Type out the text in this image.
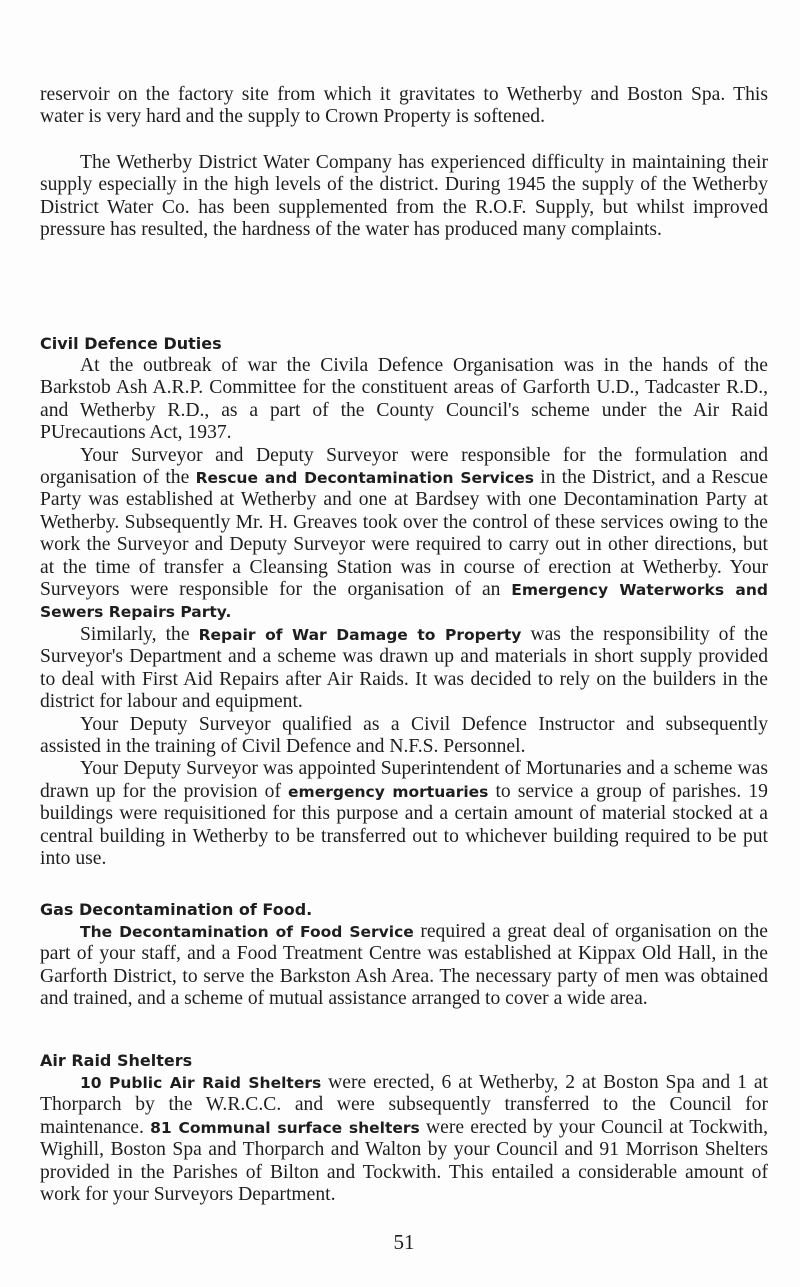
reservoir on the factory site from which it gravitates to Wetherby and Boston Spa. This water is very hard and the supply to Crown Property is softened.

The Wetherby District Water Company has experienced difficulty in maintaining their supply especially in the high levels of the district. During 1945 the supply of the Wetherby District Water Co. has been supplemented from the R.O.F. Supply, but whilst improved pressure has resulted, the hardness of the water has produced many complaints.

Civil Defence Duties

At the outbreak of war the Civila Defence Organisation was in the hands of the Barkstob Ash A.R.P. Committee for the constituent areas of Garforth U.D., Tadcaster R.D., and Wetherby R.D., as a part of the County Council's scheme under the Air Raid PUrecautions Act, 1937.

Your Surveyor and Deputy Surveyor were responsible for the formulation and organisation of the Rescue and Decontamination Services in the District, and a Rescue Party was established at Wetherby and one at Bardsey with one Decontamination Party at Wetherby. Subsequently Mr. H. Greaves took over the control of these services owing to the work the Surveyor and Deputy Surveyor were required to carry out in other directions, but at the time of transfer a Cleansing Station was in course of erection at Wetherby. Your Surveyors were responsible for the organisation of an Emergency Waterworks and Sewers Repairs Party.

Similarly, the Repair of War Damage to Property was the responsibility of the Surveyor's Department and a scheme was drawn up and materials in short supply provided to deal with First Aid Repairs after Air Raids. It was decided to rely on the builders in the district for labour and equipment.

Your Deputy Surveyor qualified as a Civil Defence Instructor and subsequently assisted in the training of Civil Defence and N.F.S. Personnel.

Your Deputy Surveyor was appointed Superintendent of Mortunaries and a scheme was drawn up for the provision of emergency mortuaries to service a group of parishes. 19 buildings were requisitioned for this purpose and a certain amount of material stocked at a central building in Wetherby to be transferred out to whichever building required to be put into use.

Gas Decontamination of Food.

The Decontamination of Food Service required a great deal of organisation on the part of your staff, and a Food Treatment Centre was established at Kippax Old Hall, in the Garforth District, to serve the Barkston Ash Area. The necessary party of men was obtained and trained, and a scheme of mutual assistance arranged to cover a wide area.

Air Raid Shelters

10 Public Air Raid Shelters were erected, 6 at Wetherby, 2 at Boston Spa and 1 at Thorparch by the W.R.C.C. and were subsequently transferred to the Council for maintenance. 81 Communal surface shelters were erected by your Council at Tockwith, Wighill, Boston Spa and Thorparch and Walton by your Council and 91 Morrison Shelters provided in the Parishes of Bilton and Tockwith. This entailed a considerable amount of work for your Surveyors Department.

51
